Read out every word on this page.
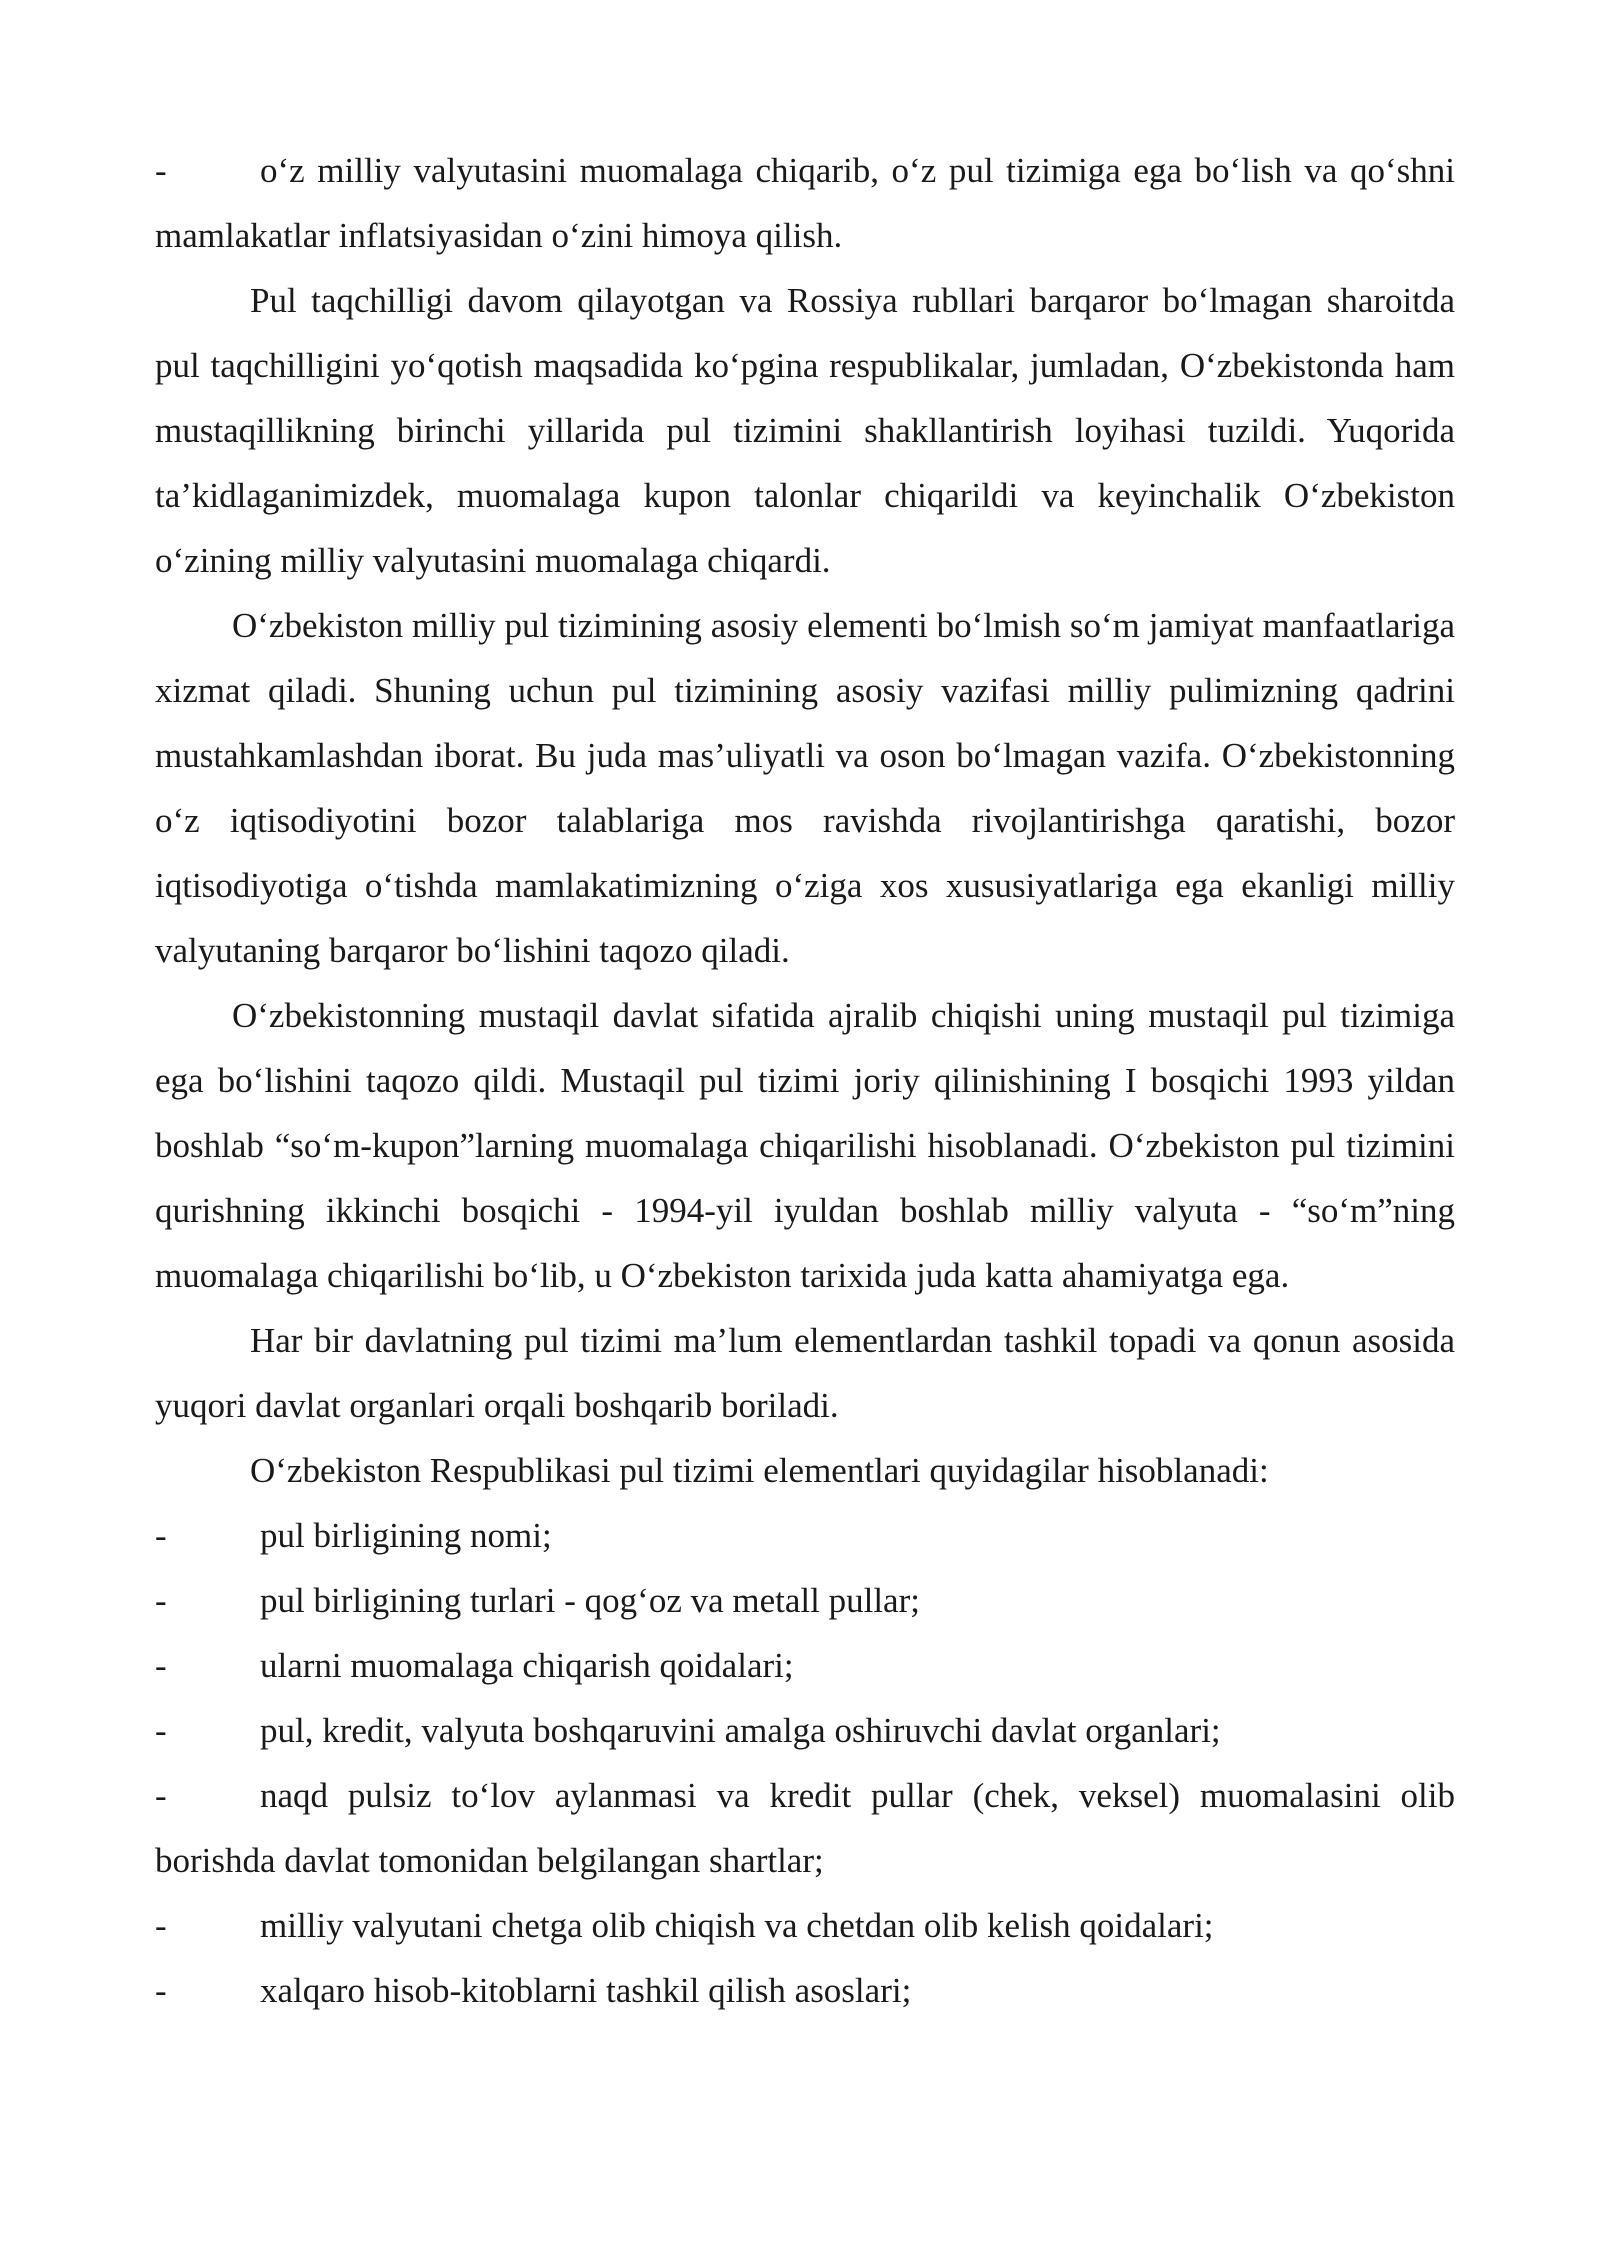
-	o‘z milliy valyutasini muomalaga chiqarib, o‘z pul tizimiga ega bo‘lish va qo‘shni mamlakatlar inflatsiyasidan o‘zini himoya qilish.

Pul taqchilligi davom qilayotgan va Rossiya rubllari barqaror bo‘lmagan sharoitda pul taqchilligini yo‘qotish maqsadida ko‘pgina respublikalar, jumladan, O‘zbekistonda ham mustaqillikning birinchi yillarida pul tizimini shakllantirish loyihasi tuzildi. Yuqorida ta’kidlaganimizdek, muomalaga kupon talonlar chiqarildi va keyinchalik O‘zbekiston o‘zining milliy valyutasini muomalaga chiqardi.

O‘zbekiston milliy pul tizimining asosiy elementi bo‘lmish so‘m jamiyat manfaatlariga xizmat qiladi. Shuning uchun pul tizimining asosiy vazifasi milliy pulimizning qadrini mustahkamlashdan iborat. Bu juda mas’uliyatli va oson bo‘lmagan vazifa. O‘zbekistonning o‘z iqtisodiyotini bozor talablariga mos ravishda rivojlantirishga qaratishi, bozor iqtisodiyotiga o‘tishda mamlakatimizning o‘ziga xos xususiyatlariga ega ekanligi milliy valyutaning barqaror bo‘lishini taqozo qiladi.

O‘zbekistonning mustaqil davlat sifatida ajralib chiqishi uning mustaqil pul tizimiga ega bo‘lishini taqozo qildi. Mustaqil pul tizimi joriy qilinishining I bosqichi 1993 yildan boshlab “so‘m-kupon”larning muomalaga chiqarilishi hisoblanadi. O‘zbekiston pul tizimini qurishning ikkinchi bosqichi - 1994-yil iyuldan boshlab milliy valyuta - “so‘m”ning muomalaga chiqarilishi bo‘lib, u O‘zbekiston tarixida juda katta ahamiyatga ega.

Har bir davlatning pul tizimi ma’lum elementlardan tashkil topadi va qonun asosida yuqori davlat organlari orqali boshqarib boriladi.

O‘zbekiston Respublikasi pul tizimi elementlari quyidagilar hisoblanadi:

-	pul birligining nomi;

-	pul birligining turlari - qog‘oz va metall pullar;

-	ularni muomalaga chiqarish qoidalari;

-	pul, kredit, valyuta boshqaruvini amalga oshiruvchi davlat organlari;

-	naqd pulsiz to‘lov aylanmasi va kredit pullar (chek, veksel) muomalasini olib borishda davlat tomonidan belgilangan shartlar;

-	milliy valyutani chetga olib chiqish va chetdan olib kelish qoidalari;

-	xalqaro hisob-kitoblarni tashkil qilish asoslari;
